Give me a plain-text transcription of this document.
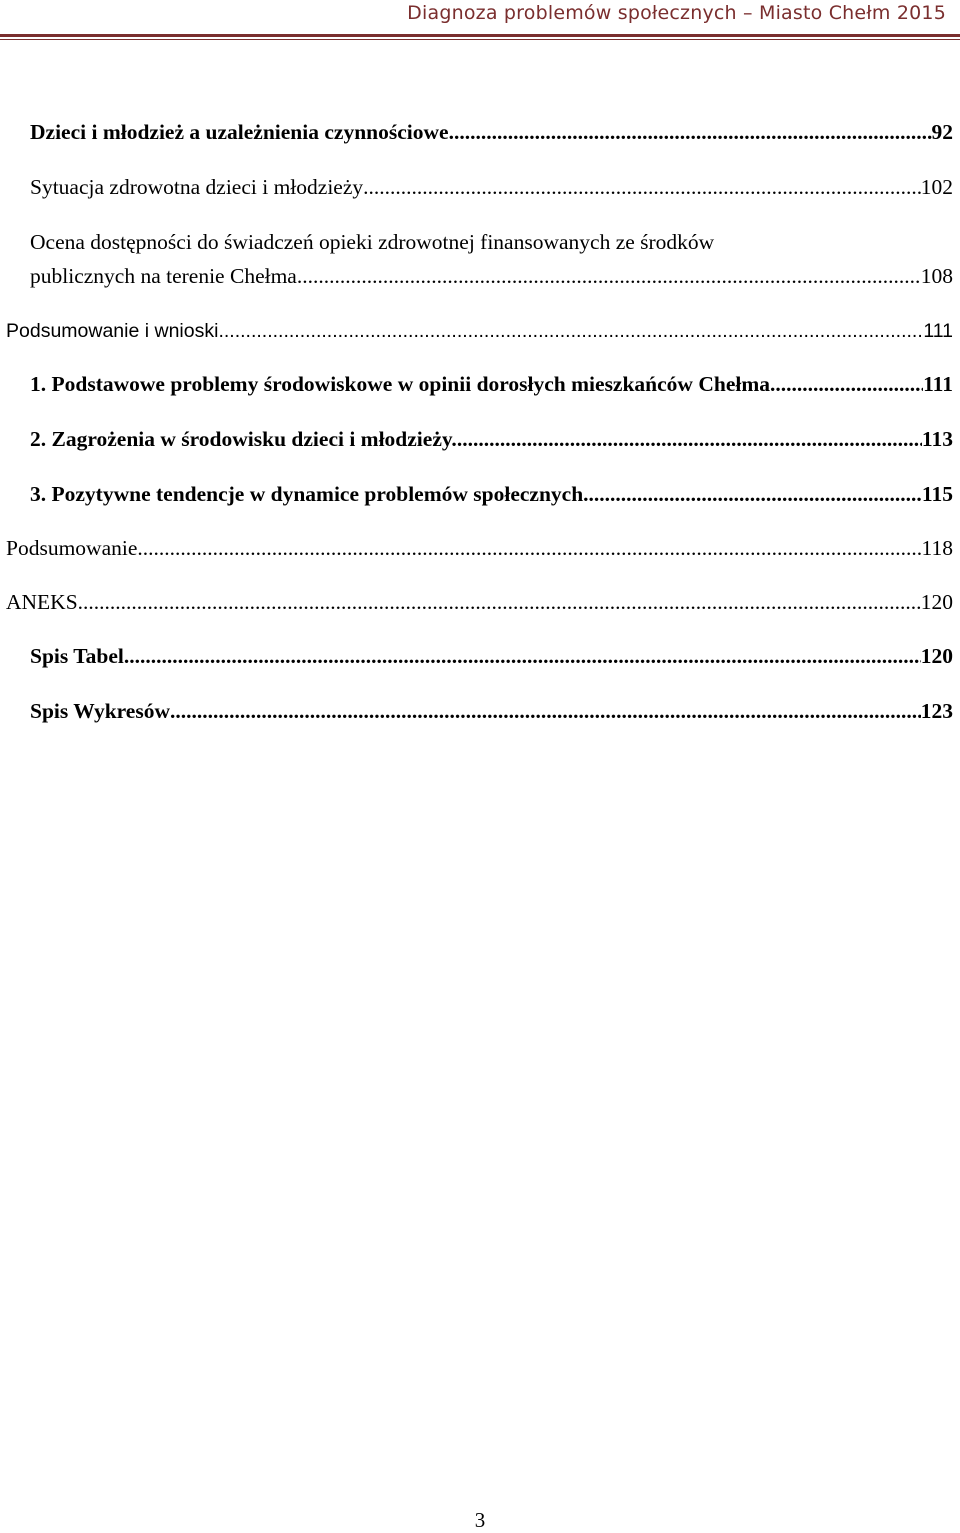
Diagnoza problemów społecznych – Miasto Chełm 2015
Dzieci i młodzież a uzależnienia czynnościowe .....	92
Sytuacja zdrowotna dzieci i młodzieży .....	102
Ocena dostępności do świadczeń opieki zdrowotnej finansowanych ze środków
publicznych na terenie Chełma .....	108
Podsumowanie i wnioski .....	111
1. Podstawowe problemy środowiskowe w opinii dorosłych mieszkańców Chełma .....	111
2. Zagrożenia w środowisku dzieci i młodzieży. .....	113
3. Pozytywne tendencje w dynamice problemów społecznych. .....	115
Podsumowanie .....	118
ANEKS .....	120
Spis Tabel .....	120
Spis Wykresów .....	123
3
